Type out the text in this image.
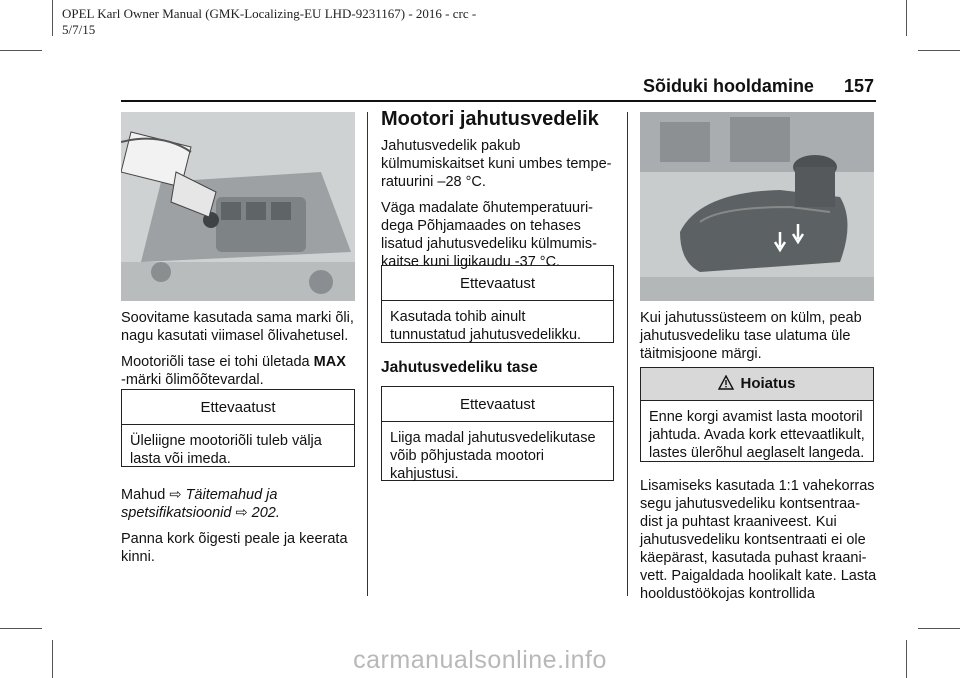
OPEL Karl Owner Manual (GMK-Localizing-EU LHD-9231167) - 2016 - crc -
5/7/15
Sõiduki hooldamine 157

Soovitame kasutada sama marki õli, nagu kasutati viimasel õlivahetusel.

Mootoriõli tase ei tohi ületada MAX
-märki õlimõõtevardal.

Ettevaatust
Üleliigne mootoriõli tuleb välja lasta või imeda.

Mahud ⇨ Täitemahud ja spetsifikatsioonid ⇨ 202.

Panna kork õigesti peale ja keerata kinni.

Mootori jahutusvedelik

Jahutusvedelik pakub külmumiskaitset kuni umbes tempe- ratuurini –28 °C.

Väga madalate õhutemperatuuri- dega Põhjamaades on tehases lisatud jahutusvedeliku külmumis- kaitse kuni ligikaudu -37 °C.

Ettevaatust
Kasutada tohib ainult tunnustatud jahutusvedelikku.
Jahutusvedeliku tase
Ettevaatust
Liiga madal jahutusvedelikutase võib põhjustada mootori kahjustusi.

Kui jahutussüsteem on külm, peab jahutusvedeliku tase ulatuma üle täitmisjoone märgi.

Hoiatus
Enne korgi avamist lasta mootoril jahtuda. Avada kork ettevaatlikult, lastes ülerõhul aeglaselt langeda.

Lisamiseks kasutada 1:1 vahekorras segu jahutusvedeliku kontsentraa- dist ja puhtast kraaniveest. Kui jahutusvedeliku kontsentraati ei ole käepärast, kasutada puhast kraani- vett. Paigaldada hoolikalt kate. Lasta hooldustöökojas kontrollida

carmanualsonline.info
